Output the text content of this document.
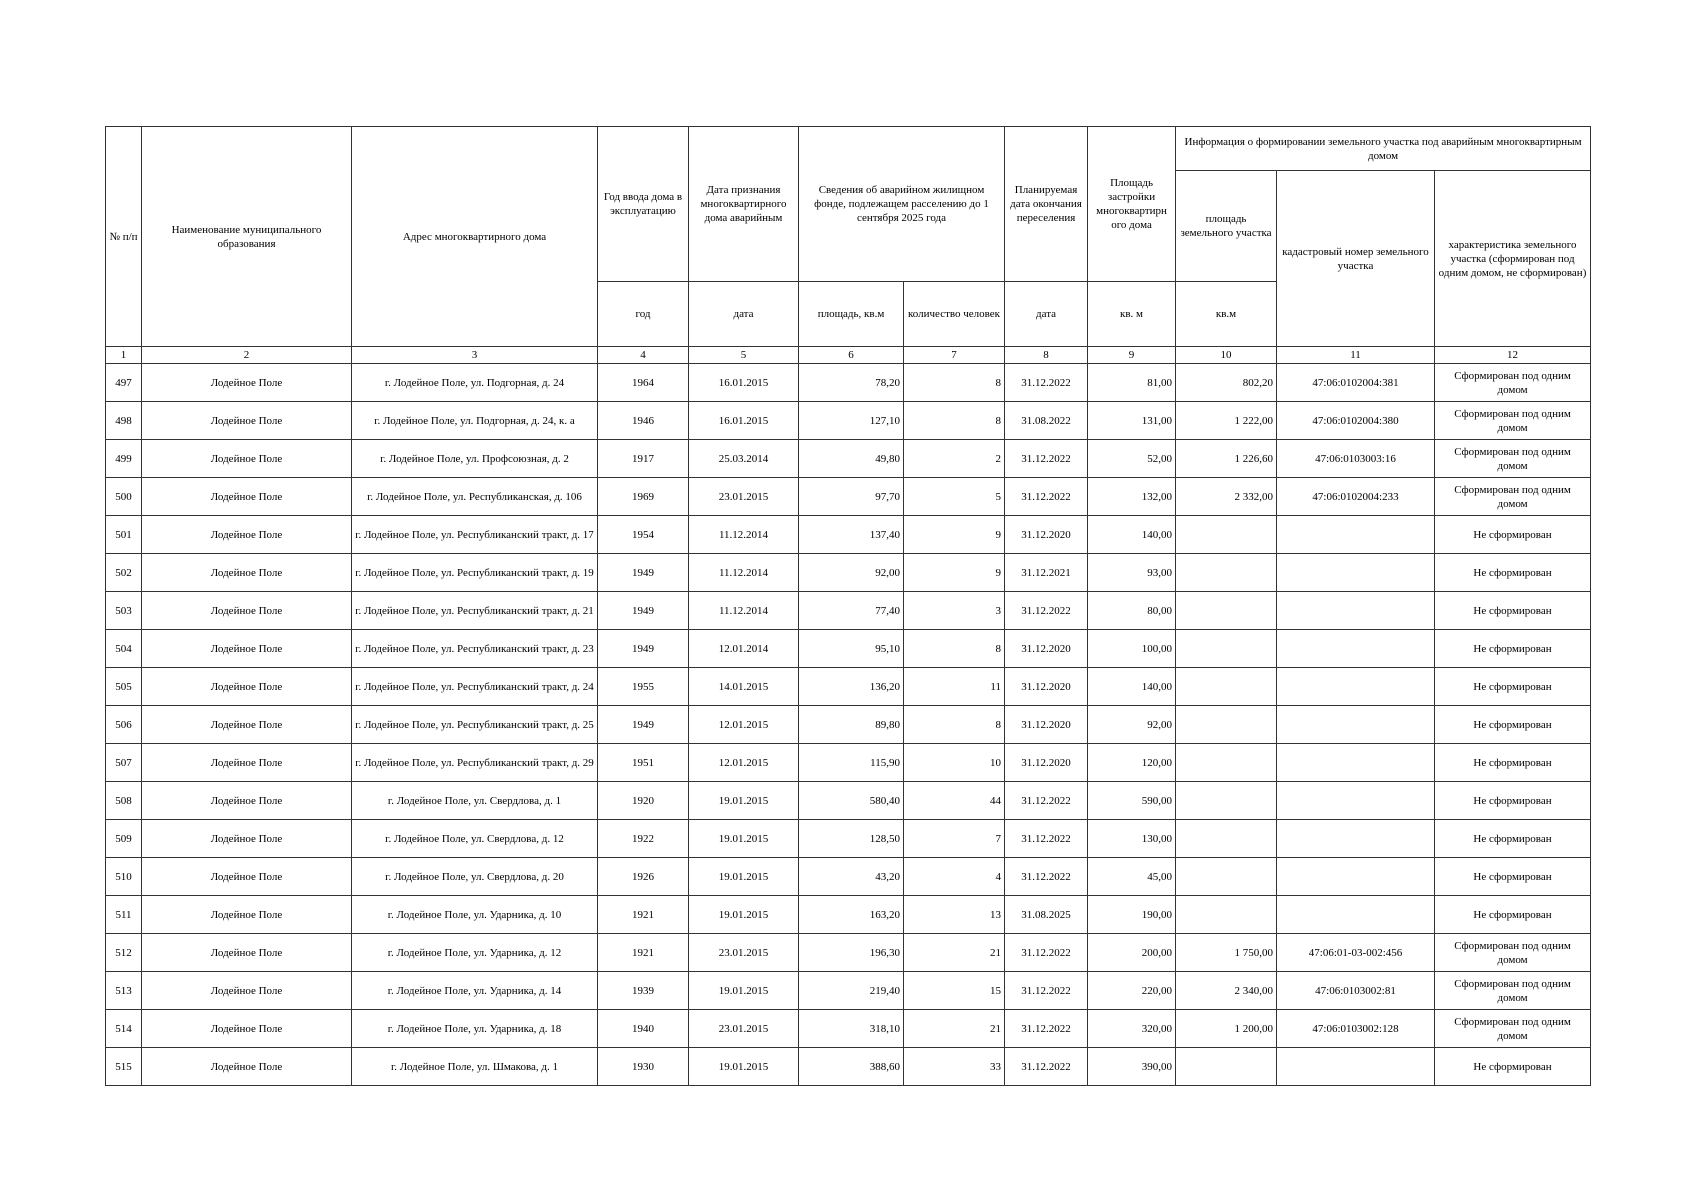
№ п/п	Наименование муниципального образования	Адрес многоквартирного дома	Год ввода дома в эксплуатацию	Дата признания многоквартирного дома аварийным	Сведения об аварийном жилищном фонде, подлежащем расселению до 1 сентября 2025 года		Планируемая дата окончания переселения	Площадь застройки многоквартирн ого дома	Информация о формировании земельного участка под аварийным многоквартирным домом		
									площадь земельного участка	кадастровый номер земельного участка	характеристика земельного участка (сформирован под одним домом, не сформирован)
			год	дата	площадь, кв.м	количество человек	дата	кв. м	кв.м		
1	2	3	4	5	6	7	8	9	10	11	12
497	Лодейное Поле	г. Лодейное Поле, ул. Подгорная, д. 24	1964	16.01.2015	78,20	8	31.12.2022	81,00	802,20	47:06:0102004:381	Сформирован под одним домом
498	Лодейное Поле	г. Лодейное Поле, ул. Подгорная, д. 24, к. а	1946	16.01.2015	127,10	8	31.08.2022	131,00	1 222,00	47:06:0102004:380	Сформирован под одним домом
499	Лодейное Поле	г. Лодейное Поле, ул. Профсоюзная, д. 2	1917	25.03.2014	49,80	2	31.12.2022	52,00	1 226,60	47:06:0103003:16	Сформирован под одним домом
500	Лодейное Поле	г. Лодейное Поле, ул. Республиканская, д. 106	1969	23.01.2015	97,70	5	31.12.2022	132,00	2 332,00	47:06:0102004:233	Сформирован под одним домом
501	Лодейное Поле	г. Лодейное Поле, ул. Республиканский тракт, д. 17	1954	11.12.2014	137,40	9	31.12.2020	140,00			Не сформирован
502	Лодейное Поле	г. Лодейное Поле, ул. Республиканский тракт, д. 19	1949	11.12.2014	92,00	9	31.12.2021	93,00			Не сформирован
503	Лодейное Поле	г. Лодейное Поле, ул. Республиканский тракт, д. 21	1949	11.12.2014	77,40	3	31.12.2022	80,00			Не сформирован
504	Лодейное Поле	г. Лодейное Поле, ул. Республиканский тракт, д. 23	1949	12.01.2014	95,10	8	31.12.2020	100,00			Не сформирован
505	Лодейное Поле	г. Лодейное Поле, ул. Республиканский тракт, д. 24	1955	14.01.2015	136,20	11	31.12.2020	140,00			Не сформирован
506	Лодейное Поле	г. Лодейное Поле, ул. Республиканский тракт, д. 25	1949	12.01.2015	89,80	8	31.12.2020	92,00			Не сформирован
507	Лодейное Поле	г. Лодейное Поле, ул. Республиканский тракт, д. 29	1951	12.01.2015	115,90	10	31.12.2020	120,00			Не сформирован
508	Лодейное Поле	г. Лодейное Поле, ул. Свердлова, д. 1	1920	19.01.2015	580,40	44	31.12.2022	590,00			Не сформирован
509	Лодейное Поле	г. Лодейное Поле, ул. Свердлова, д. 12	1922	19.01.2015	128,50	7	31.12.2022	130,00			Не сформирован
510	Лодейное Поле	г. Лодейное Поле, ул. Свердлова, д. 20	1926	19.01.2015	43,20	4	31.12.2022	45,00			Не сформирован
511	Лодейное Поле	г. Лодейное Поле, ул. Ударника, д. 10	1921	19.01.2015	163,20	13	31.08.2025	190,00			Не сформирован
512	Лодейное Поле	г. Лодейное Поле, ул. Ударника, д. 12	1921	23.01.2015	196,30	21	31.12.2022	200,00	1 750,00	47:06:01-03-002:456	Сформирован под одним домом
513	Лодейное Поле	г. Лодейное Поле, ул. Ударника, д. 14	1939	19.01.2015	219,40	15	31.12.2022	220,00	2 340,00	47:06:0103002:81	Сформирован под одним домом
514	Лодейное Поле	г. Лодейное Поле, ул. Ударника, д. 18	1940	23.01.2015	318,10	21	31.12.2022	320,00	1 200,00	47:06:0103002:128	Сформирован под одним домом
515	Лодейное Поле	г. Лодейное Поле, ул. Шмакова, д. 1	1930	19.01.2015	388,60	33	31.12.2022	390,00			Не сформирован
